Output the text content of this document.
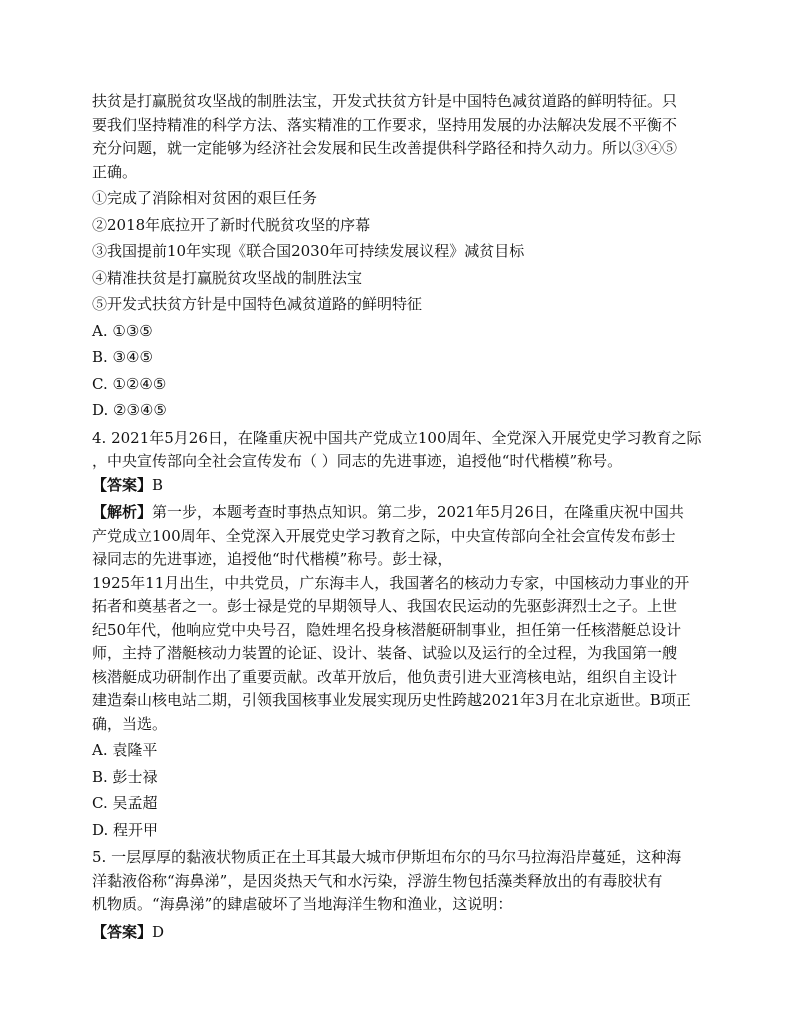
扶贫是打赢脱贫攻坚战的制胜法宝，开发式扶贫方针是中国特色减贫道路的鲜明特征。只
要我们坚持精准的科学方法、落实精准的工作要求，坚持用发展的办法解决发展不平衡不
充分问题，就一定能够为经济社会发展和民生改善提供科学路径和持久动力。所以③④⑤
正确。

①完成了消除相对贫困的艰巨任务

②2018年底拉开了新时代脱贫攻坚的序幕

③我国提前10年实现《联合国2030年可持续发展议程》减贫目标

④精准扶贫是打赢脱贫攻坚战的制胜法宝

⑤开发式扶贫方针是中国特色减贫道路的鲜明特征

A. ①③⑤

B. ③④⑤

C. ①②④⑤

D. ②③④⑤

4. 2021年5月26日，在隆重庆祝中国共产党成立100周年、全党深入开展党史学习教育之际
，中央宣传部向全社会宣传发布（ ）同志的先进事迹，追授他“时代楷模”称号。

【答案】B

【解析】第一步，本题考查时事热点知识。第二步，2021年5月26日，在隆重庆祝中国共
产党成立100周年、全党深入开展党史学习教育之际，中央宣传部向全社会宣传发布彭士
禄同志的先进事迹，追授他“时代楷模”称号。彭士禄，
1925年11月出生，中共党员，广东海丰人，我国著名的核动力专家，中国核动力事业的开
拓者和奠基者之一。彭士禄是党的早期领导人、我国农民运动的先驱彭湃烈士之子。上世
纪50年代，他响应党中央号召，隐姓埋名投身核潜艇研制事业，担任第一任核潜艇总设计
师，主持了潜艇核动力装置的论证、设计、装备、试验以及运行的全过程，为我国第一艘
核潜艇成功研制作出了重要贡献。改革开放后，他负责引进大亚湾核电站，组织自主设计
建造秦山核电站二期，引领我国核事业发展实现历史性跨越2021年3月在北京逝世。B项正
确，当选。

A. 袁隆平

B. 彭士禄

C. 吴孟超

D. 程开甲

5. 一层厚厚的黏液状物质正在土耳其最大城市伊斯坦布尔的马尔马拉海沿岸蔓延，这种海
洋黏液俗称“海鼻涕”，是因炎热天气和水污染，浮游生物包括藻类释放出的有毒胶状有
机物质。“海鼻涕”的肆虐破坏了当地海洋生物和渔业，这说明：

【答案】D
